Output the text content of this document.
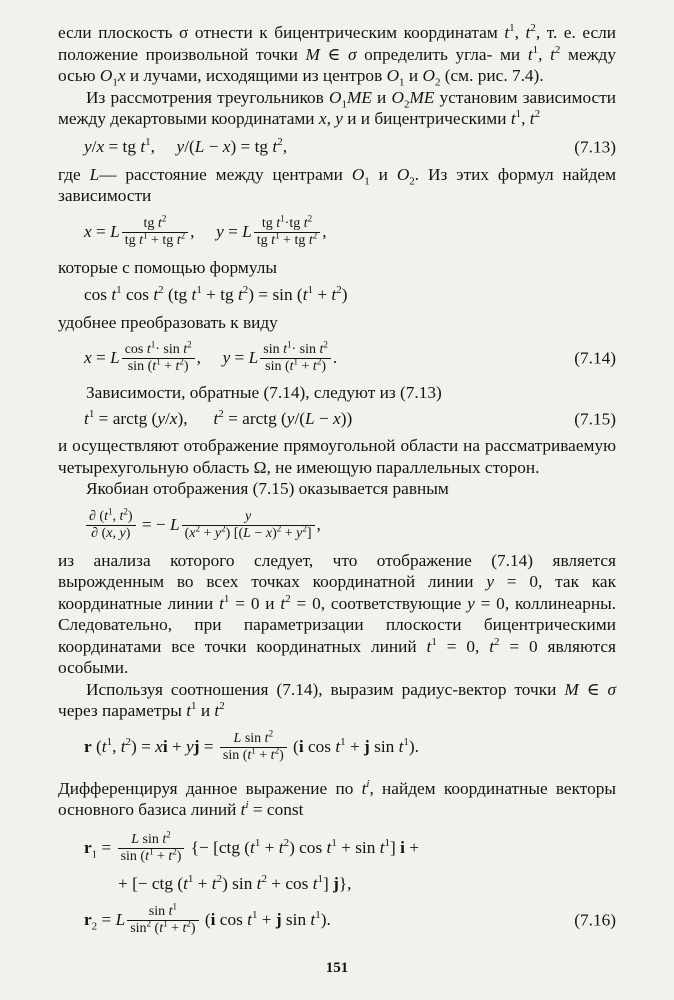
если плоскость σ отнести к бицентрическим координатам $t^1$, $t^2$, т. е. если положение произвольной точки M ∈ σ определить угла- ми $t^1$, $t^2$ между осью $O_1x$ и лучами, исходящими из центров $O_1$ и $O_2$ (см. рис. 7.4).

Из рассмотрения треугольников $O_1ME$ и $O_2ME$ установим зависимости между декартовыми координатами x, y и и бицентрическими $t^1$, $t^2$

y/x = tg $t^1$,     y/(L − x) = tg $t^2$,	(7.13)

где L— расстояние между центрами $O_1$ и $O_2$. Из этих формул найдем зависимости

x = L $\frac{tg t^2}{tg t^1 + tg t^2}$ ,     y = L $\frac{tg t^1\cdot tg t^2}{tg t^1 + tg t^2}$ ,

которые с помощью формулы

$\cos t^1$ $\cos t^2$ (tg $t^1$ + tg $t^2) = \sin (t^1 + t^2)$

удобнее преобразовать к виду

x = L $\frac{\cos t^1\cdot \sin t^2}{\sin (t^1 + t^2)}$ ,     y = L $\frac{\sin t^1\cdot \sin t^2}{\sin (t^1 + t^2)}$ .	(7.14)

Зависимости, обратные (7.14), следуют из (7.13)

$t^1$ = arctg (y/x),      $t^2$ = arctg (y/(L − x))	(7.15)

и осуществляют отображение прямоугольной области на рассматриваемую четырехугольную область Ω, не имеющую параллельных сторон.

Якобиан отображения (7.15) оказывается равным

$\frac{\partial (t^1, t^2)}{\partial (x, y)}$ = − L $\frac{y}{(x^2 + y^2) [(L - x)^2 + y^2]}$ ,

из анализа которого следует, что отображение (7.14) является вырожденным во всех точках координатной линии y = 0, так как координатные линии $t^1 = 0$ и $t^2 = 0$, соответствующие y = 0, коллинеарны. Следовательно, при параметризации плоскости бицентрическими координатами все точки координатных линий $t^1 = 0$, $t^2 = 0$ являются особыми.

Используя соотношения (7.14), выразим радиус-вектор точки M ∈ σ через параметры $t^1$ и $t^2$

r ($t^1$, $t^2$) = xi + yj = $\frac{L \sin t^2}{\sin (t^1 + t^2)} (i$ $\cos t^1 + j$ $\sin t^1$).

Дифференцируя данное выражение по $t^i$, найдем координатные векторы основного базиса линий $t^i$ = const

$r_1 = \frac{L \sin t^2}{\sin (t^1 + t^2)}$ {− [ctg $(t^1 + t^2)$ $\cos t^1 + \sin t^1$] i +
+ [− ctg $(t^1 + t^2)$ $\sin t^2 + \cos t^1$] j},
$r_2 = L \frac{\sin t^1}{\sin^2 (t^1 + t^2)} (i$ $\cos t^1 + j$ $\sin t^1$).	(7.16)
151
